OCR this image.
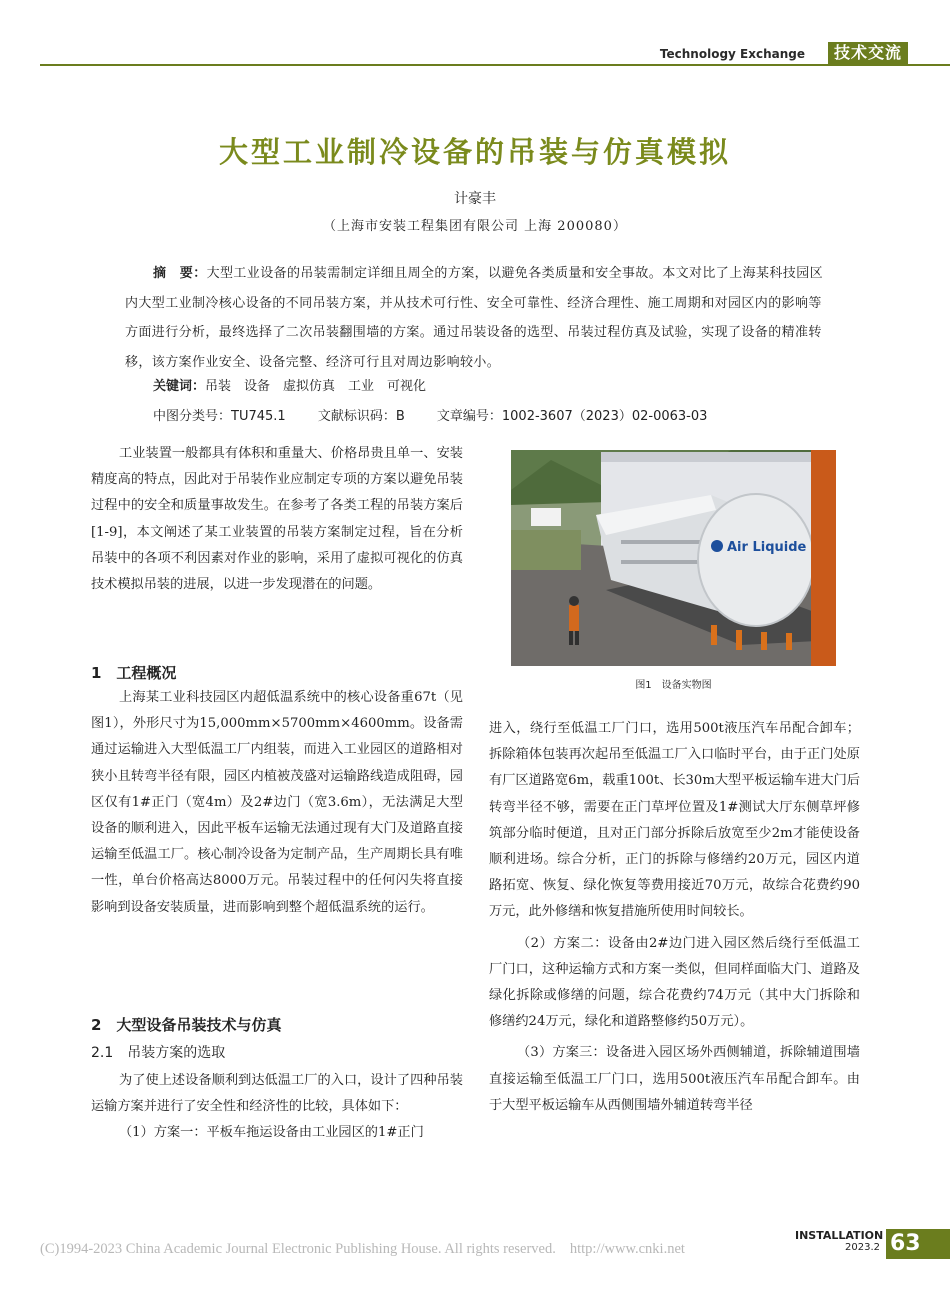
Technology Exchange	技术交流
大型工业制冷设备的吊装与仿真模拟
计豪丰
（上海市安装工程集团有限公司 上海 200080）

摘　要：大型工业设备的吊装需制定详细且周全的方案，以避免各类质量和安全事故。本文对比了上海某科技园区内大型工业制冷核心设备的不同吊装方案，并从技术可行性、安全可靠性、经济合理性、施工周期和对园区内的影响等方面进行分析，最终选择了二次吊装翻围墙的方案。通过吊装设备的选型、吊装过程仿真及试验，实现了设备的精准转移，该方案作业安全、设备完整、经济可行且对周边影响较小。

关键词：吊装　设备　虚拟仿真　工业　可视化
中图分类号：TU745.1 文献标识码：B 文章编号：1002-3607（2023）02-0063-03

工业装置一般都具有体积和重量大、价格昂贵且单一、安装精度高的特点，因此对于吊装作业应制定专项的方案以避免吊装过程中的安全和质量事故发生。在参考了各类工程的吊装方案后[1-9]，本文阐述了某工业装置的吊装方案制定过程，旨在分析吊装中的各项不利因素对作业的影响，采用了虚拟可视化的仿真技术模拟吊装的进展，以进一步发现潜在的问题。

1　工程概况

上海某工业科技园区内超低温系统中的核心设备重67t（见图1），外形尺寸为15,000mm×5700mm×4600mm。设备需通过运输进入大型低温工厂内组装，而进入工业园区的道路相对狭小且转弯半径有限，园区内植被茂盛对运输路线造成阻碍，园区仅有1#正门（宽4m）及2#边门（宽3.6m），无法满足大型设备的顺利进入，因此平板车运输无法通过现有大门及道路直接运输至低温工厂。核心制冷设备为定制产品，生产周期长具有唯一性，单台价格高达8000万元。吊装过程中的任何闪失将直接影响到设备安装质量，进而影响到整个超低温系统的运行。

2　大型设备吊装技术与仿真
2.1　吊装方案的选取

为了使上述设备顺利到达低温工厂的入口，设计了四种吊装运输方案并进行了安全性和经济性的比较，具体如下：

（1）方案一：平板车拖运设备由工业园区的1#正门

Air Liquide
图1　设备实物图

进入，绕行至低温工厂门口，选用500t液压汽车吊配合卸车；拆除箱体包装再次起吊至低温工厂入口临时平台，由于正门处原有厂区道路宽6m，载重100t、长30m大型平板运输车进大门后转弯半径不够，需要在正门草坪位置及1#测试大厅东侧草坪修筑部分临时便道，且对正门部分拆除后放宽至少2m才能使设备顺利进场。综合分析，正门的拆除与修缮约20万元，园区内道路拓宽、恢复、绿化恢复等费用接近70万元，故综合花费约90万元，此外修缮和恢复措施所使用时间较长。

（2）方案二：设备由2#边门进入园区然后绕行至低温工厂门口，这种运输方式和方案一类似，但同样面临大门、道路及绿化拆除或修缮的问题，综合花费约74万元（其中大门拆除和修缮约24万元，绿化和道路整修约50万元）。

（3）方案三：设备进入园区场外西侧辅道，拆除辅道围墙直接运输至低温工厂门口，选用500t液压汽车吊配合卸车。由于大型平板运输车从西侧围墙外辅道转弯半径

INSTALLATION
2023.2 63
(C)1994-2023 China Academic Journal Electronic Publishing House. All rights reserved. http://www.cnki.net
